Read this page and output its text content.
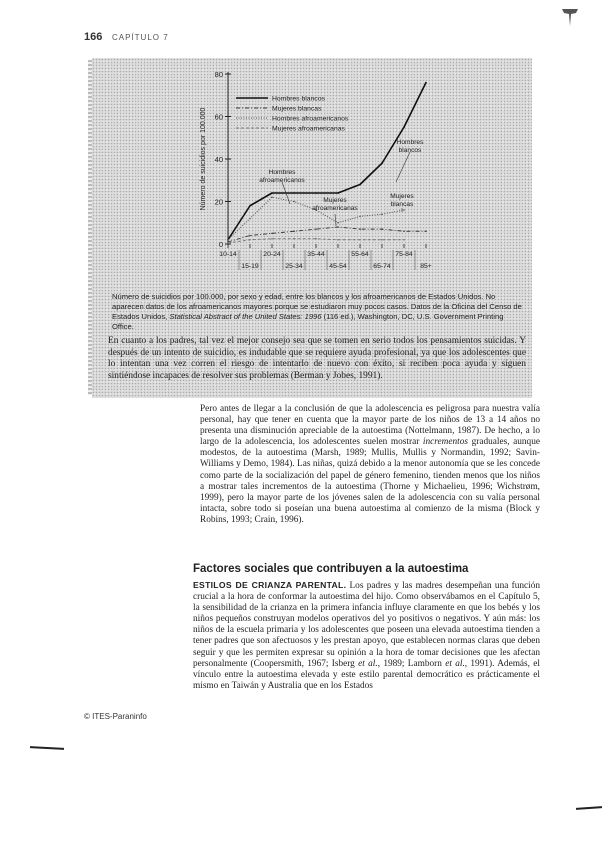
166 CAPÍTULO 7
0
20
40
60
80
Número de suicidios por 100.000
10-14
15-19
20-24
25-34
35-44
45-54
55-64
65-74
75-84
85+
Hombres blancos
Mujeres blancas
Hombres afroamericanos
Mujeres afroamericanas
Hombres
blancos
Hombres
afroamericanos
Mujeres
afroamericanas
Mujeres
blancas
Número de suicidios por 100.000, por sexo y edad, entre los blancos y los afroamericanos de Estados Unidos. No aparecen datos de los afroamericanos mayores porque se estudiaron muy pocos casos. Datos de la Oficina del Censo de Estados Unidos, Statistical Abstract of the United States: 1996 (116 ed.), Washington, DC, U.S. Government Printing Office.
En cuanto a los padres, tal vez el mejor consejo sea que se tomen en serio todos los pensamientos suicidas. Y después de un intento de suicidio, es indudable que se requiere ayuda profesional, ya que los adolescentes que lo intentan una vez corren el riesgo de intentarlo de nuevo con éxito, si reciben poca ayuda y siguen sintiéndose incapaces de resolver sus problemas (Berman y Jobes, 1991).
Pero antes de llegar a la conclusión de que la adolescencia es peligrosa para nuestra valía personal, hay que tener en cuenta que la mayor parte de los niños de 13 a 14 años no presenta una disminución apreciable de la autoestima (Nottelmann, 1987). De hecho, a lo largo de la adolescencia, los adolescentes suelen mostrar incrementos graduales, aunque modestos, de la autoestima (Marsh, 1989; Mullis, Mullis y Normandin, 1992; Savin-Williams y Demo, 1984). Las niñas, quizá debido a la menor autonomía que se les concede como parte de la socialización del papel de género femenino, tienden menos que los niños a mostrar tales incrementos de la autoestima (Thorne y Michaelieu, 1996; Wichstrøm, 1999), pero la mayor parte de los jóvenes salen de la adolescencia con su valía personal intacta, sobre todo si poseían una buena autoestima al comienzo de la misma (Block y Robins, 1993; Crain, 1996).
Factores sociales que contribuyen a la autoestima
ESTILOS DE CRIANZA PARENTAL. Los padres y las madres desempeñan una función crucial a la hora de conformar la autoestima del hijo. Como observábamos en el Capítulo 5, la sensibilidad de la crianza en la primera infancia influye claramente en que los bebés y los niños pequeños construyan modelos operativos del yo positivos o negativos. Y aún más: los niños de la escuela primaria y los adolescentes que poseen una elevada autoestima tienden a tener padres que son afectuosos y les prestan apoyo, que establecen normas claras que deben seguir y que les permiten expresar su opinión a la hora de tomar decisiones que les afectan personalmente (Coopersmith, 1967; Isberg et al., 1989; Lamborn et al., 1991). Además, el vínculo entre la autoestima elevada y este estilo parental democrático es prácticamente el mismo en Taiwán y Australia que en los Estados
© ITES-Paraninfo
